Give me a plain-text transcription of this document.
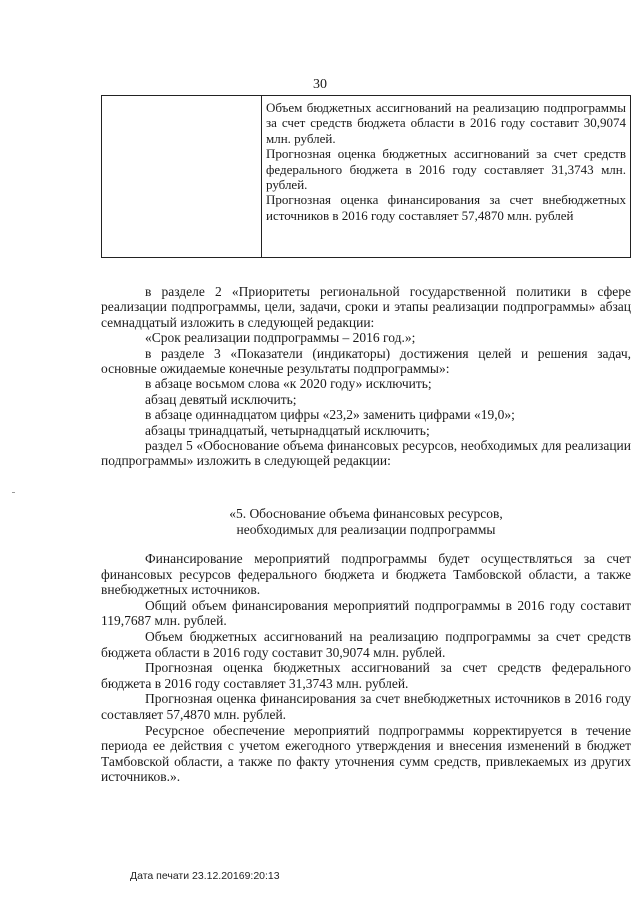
30

Объем бюджетных ассигнований на реализацию подпрограммы за счет средств бюджета области в 2016 году составит 30,9074 млн. рублей.

Прогнозная оценка бюджетных ассигнований за счет средств федерального бюджета в 2016 году составляет 31,3743 млн. рублей.

Прогнозная оценка финансирования за счет внебюджетных источников в 2016 году составляет 57,4870 млн. рублей

в разделе 2 «Приоритеты региональной государственной политики в сфере реализации подпрограммы, цели, задачи, сроки и этапы реализации подпрограммы» абзац семнадцатый изложить в следующей редакции:

«Срок реализации подпрограммы – 2016 год.»;

в разделе 3 «Показатели (индикаторы) достижения целей и решения задач, основные ожидаемые конечные результаты подпрограммы»:

в абзаце восьмом слова «к 2020 году» исключить;

абзац девятый исключить;

в абзаце одиннадцатом цифры «23,2» заменить цифрами «19,0»;

абзацы тринадцатый, четырнадцатый исключить;

раздел 5 «Обоснование объема финансовых ресурсов, необходимых для реализации подпрограммы» изложить в следующей редакции:

«5. Обоснование объема финансовых ресурсов,

необходимых для реализации подпрограммы

Финансирование мероприятий подпрограммы будет осуществляться за счет финансовых ресурсов федерального бюджета и бюджета Тамбовской области, а также внебюджетных источников.

Общий объем финансирования мероприятий подпрограммы в 2016 году составит 119,7687 млн. рублей.

Объем бюджетных ассигнований на реализацию подпрограммы за счет средств бюджета области в 2016 году составит 30,9074 млн. рублей.

Прогнозная оценка бюджетных ассигнований за счет средств федерального бюджета в 2016 году составляет 31,3743 млн. рублей.

Прогнозная оценка финансирования за счет внебюджетных источников в 2016 году составляет 57,4870 млн. рублей.

Ресурсное обеспечение мероприятий подпрограммы корректируется в течение периода ее действия с учетом ежегодного утверждения и внесения изменений в бюджет Тамбовской области, а также по факту уточнения сумм средств, привлекаемых из других источников.».

Дата печати 23.12.20169:20:13
